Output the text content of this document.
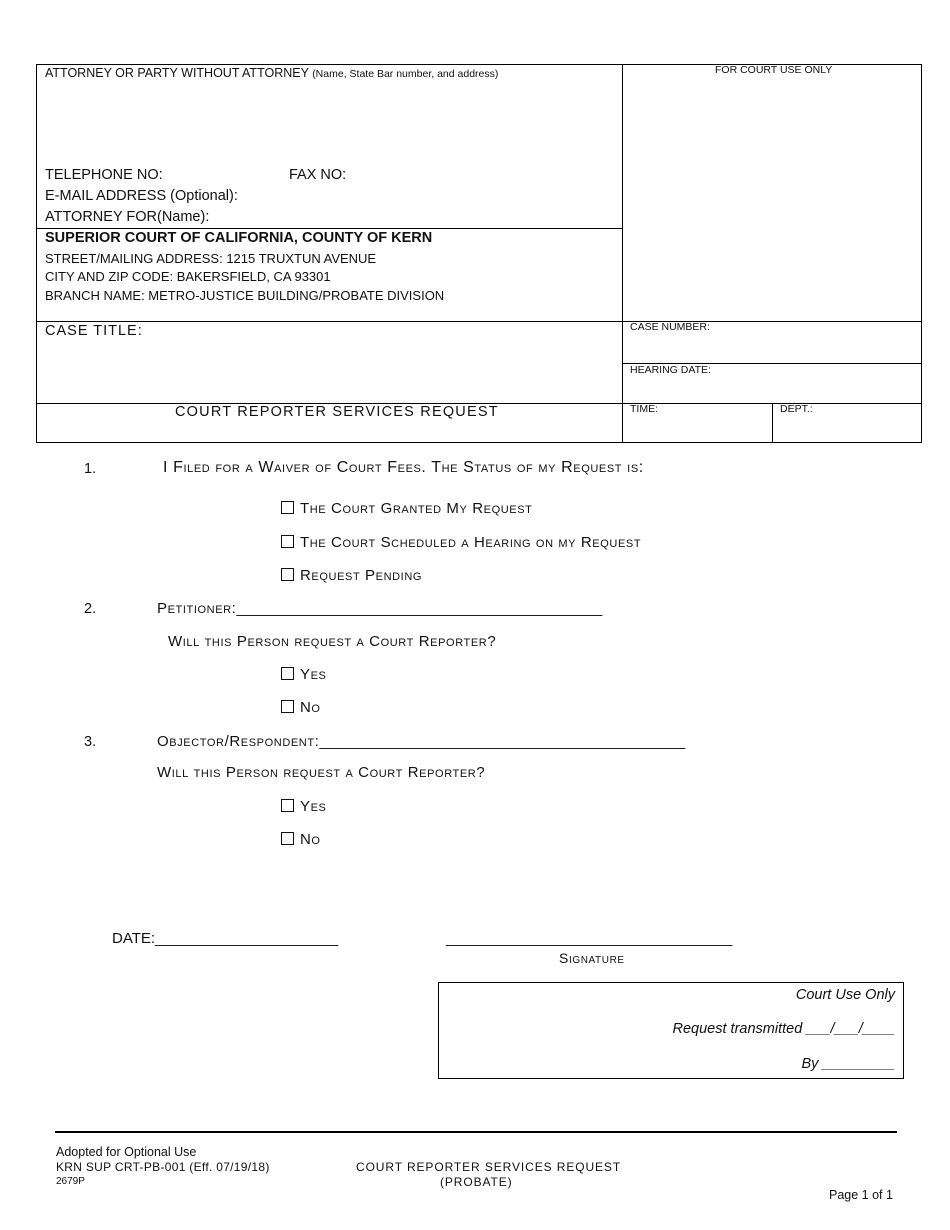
ATTORNEY OR PARTY WITHOUT ATTORNEY (Name, State Bar number, and address)	FOR COURT USE ONLY
TELEPHONE NO:	FAX NO:
E-MAIL ADDRESS (Optional):
ATTORNEY FOR(Name):
SUPERIOR COURT OF CALIFORNIA, COUNTY OF KERN
STREET/MAILING ADDRESS: 1215 TRUXTUN AVENUE
CITY AND ZIP CODE: BAKERSFIELD, CA 93301
BRANCH NAME: METRO-JUSTICE BUILDING/PROBATE DIVISION
CASE TITLE:	CASE NUMBER:
HEARING DATE:
COURT REPORTER SERVICES REQUEST	TIME:	DEPT.:
1.	I Filed for a Waiver of Court Fees. The Status of my Request is:
The Court Granted My Request
The Court Scheduled a Hearing on my Request
Request Pending
2.	Petitioner:______________________________________________
Will this Person request a Court Reporter?
Yes
No
3.	Objector/Respondent:______________________________________________
Will this Person request a Court Reporter?
Yes
No
DATE:_______________________	____________________________________
Signature
Court Use Only
Request transmitted ___/___/____
By _________
Adopted for Optional Use
KRN SUP CRT-PB-001 (Eff. 07/19/18)
2679P
COURT REPORTER SERVICES REQUEST
(PROBATE)
Page 1 of 1
